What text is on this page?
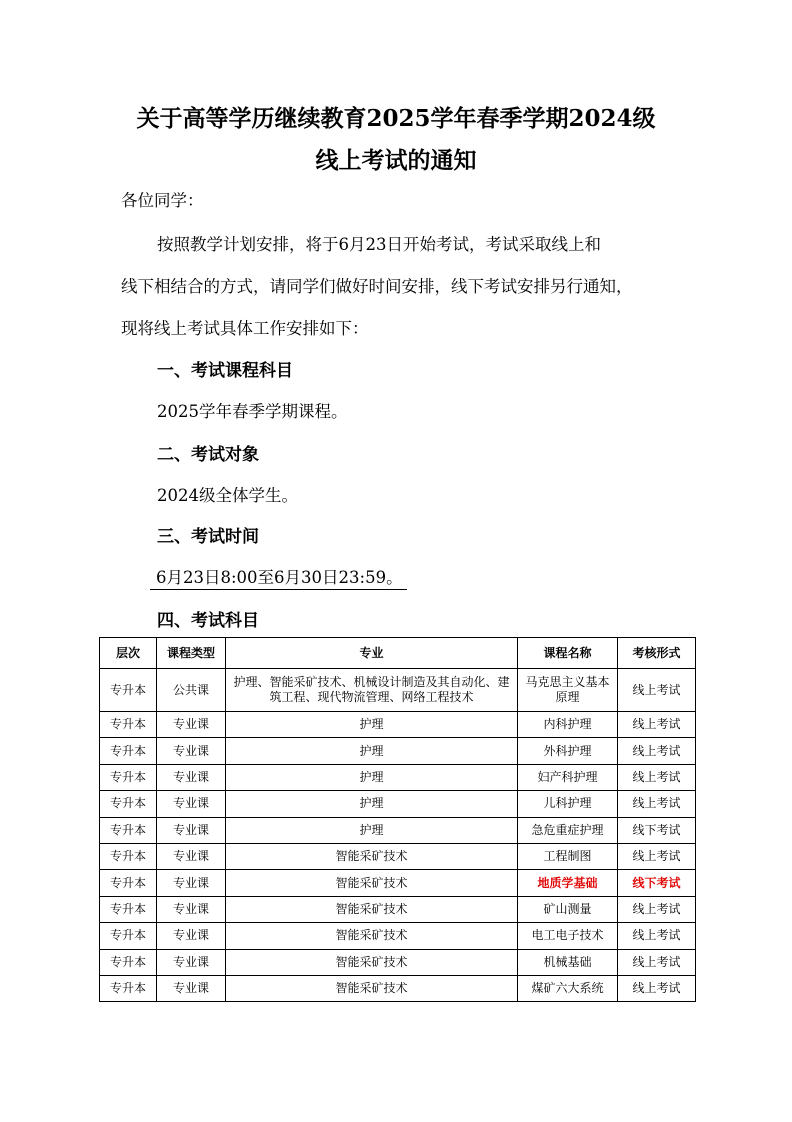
关于高等学历继续教育2025学年春季学期2024级
线上考试的通知
各位同学：
按照教学计划安排，将于6月23日开始考试，考试采取线上和
线下相结合的方式，请同学们做好时间安排，线下考试安排另行通知，
现将线上考试具体工作安排如下：
一、考试课程科目
2025学年春季学期课程。
二、考试对象
2024级全体学生。
三、考试时间
6月23日8:00至6月30日23:59。
四、考试科目
层次	课程类型	专业	课程名称	考核形式
专升本	公共课	护理、智能采矿技术、机械设计制造及其自动化、建筑工程、现代物流管理、网络工程技术	马克思主义基本原理	线上考试
专升本	专业课	护理	内科护理	线上考试
专升本	专业课	护理	外科护理	线上考试
专升本	专业课	护理	妇产科护理	线上考试
专升本	专业课	护理	儿科护理	线上考试
专升本	专业课	护理	急危重症护理	线下考试
专升本	专业课	智能采矿技术	工程制图	线上考试
专升本	专业课	智能采矿技术	地质学基础	线下考试
专升本	专业课	智能采矿技术	矿山测量	线上考试
专升本	专业课	智能采矿技术	电工电子技术	线上考试
专升本	专业课	智能采矿技术	机械基础	线上考试
专升本	专业课	智能采矿技术	煤矿六大系统	线上考试
